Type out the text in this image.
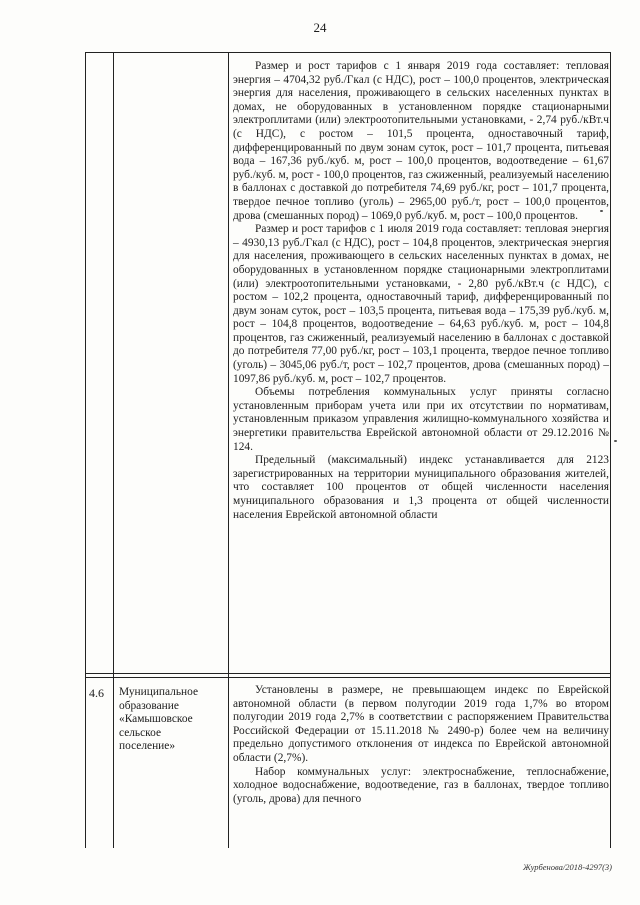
24

Размер и рост тарифов с 1 января 2019 года составляет: тепловая энергия – 4704,32 руб./Гкал (с НДС), рост – 100,0 процентов, электрическая энергия для населения, проживающего в сельских населенных пунктах в домах, не оборудованных в установленном порядке стационарными электроплитами (или) электроотопительными установками, - 2,74 руб./кВт.ч (с НДС), с ростом – 101,5 процента, одноставочный тариф, дифференцированный по двум зонам суток, рост – 101,7 процента, питьевая вода – 167,36 руб./куб. м, рост – 100,0 процентов, водоотведение – 61,67 руб./куб. м, рост - 100,0 процентов, газ сжиженный, реализуемый населению в баллонах с доставкой до потребителя 74,69 руб./кг, рост – 101,7 процента, твердое печное топливо (уголь) – 2965,00 руб./т, рост – 100,0 процентов, дрова (смешанных пород) – 1069,0 руб./куб. м, рост – 100,0 процентов.

Размер и рост тарифов с 1 июля 2019 года составляет: тепловая энергия – 4930,13 руб./Гкал (с НДС), рост – 104,8 процентов, электрическая энергия для населения, проживающего в сельских населенных пунктах в домах, не оборудованных в установленном порядке стационарными электроплитами (или) электроотопительными установками, - 2,80 руб./кВт.ч (с НДС), с ростом – 102,2 процента, одноставочный тариф, дифференцированный по двум зонам суток, рост – 103,5 процента, питьевая вода – 175,39 руб./куб. м, рост – 104,8 процентов, водоотведение – 64,63 руб./куб. м, рост – 104,8 процентов, газ сжиженный, реализуемый населению в баллонах с доставкой до потребителя 77,00 руб./кг, рост – 103,1 процента, твердое печное топливо (уголь) – 3045,06 руб./т, рост – 102,7 процентов, дрова (смешанных пород) – 1097,86 руб./куб. м, рост – 102,7 процентов.

Объемы потребления коммунальных услуг приняты согласно установленным приборам учета или при их отсутствии по нормативам, установленным приказом управления жилищно-коммунального хозяйства и энергетики правительства Еврейской автономной области от 29.12.2016 № 124.

Предельный (максимальный) индекс устанавливается для 2123 зарегистрированных на территории муниципального образования жителей, что составляет 100 процентов от общей численности населения муниципального образования и 1,3 процента от общей численности населения Еврейской автономной области

4.6 Муниципальное
образование
«Камышовское
сельское
поселение»

Установлены в размере, не превышающем индекс по Еврейской автономной области (в первом полугодии 2019 года 1,7% во втором полугодии 2019 года 2,7% в соответствии с распоряжением Правительства Российской Федерации от 15.11.2018 № 2490-р) более чем на величину предельно допустимого отклонения от индекса по Еврейской автономной области (2,7%).

Набор коммунальных услуг: электроснабжение, теплоснабжение, холодное водоснабжение, водоотведение, газ в баллонах, твердое топливо (уголь, дрова) для печного

Журбенова/2018-4297(3)
